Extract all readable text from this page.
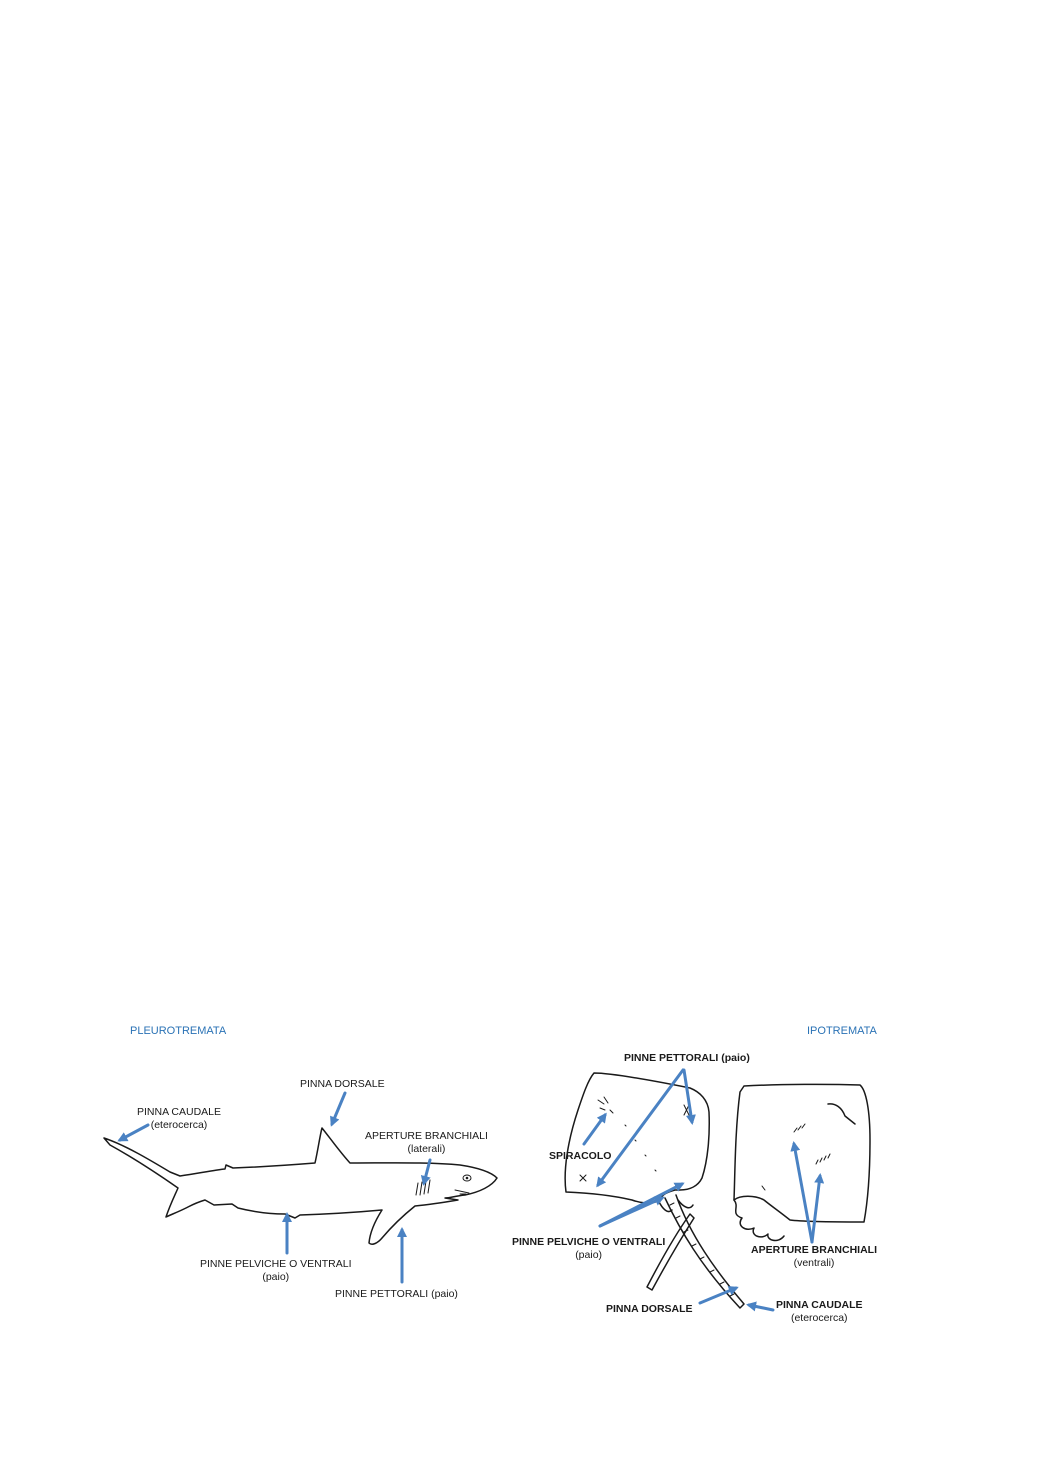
PLEUROTREMATA	IPOTREMATA
PINNA CAUDALE
(eterocerca)
PINNA DORSALE
APERTURE BRANCHIALI
(laterali)
PINNE PELVICHE O VENTRALI
(paio)
PINNE PETTORALI (paio)
PINNE PETTORALI (paio)
SPIRACOLO
PINNE PELVICHE O VENTRALI
(paio)	APERTURE BRANCHIALI
(ventrali)
PINNA DORSALE	PINNA CAUDALE
(eterocerca)
